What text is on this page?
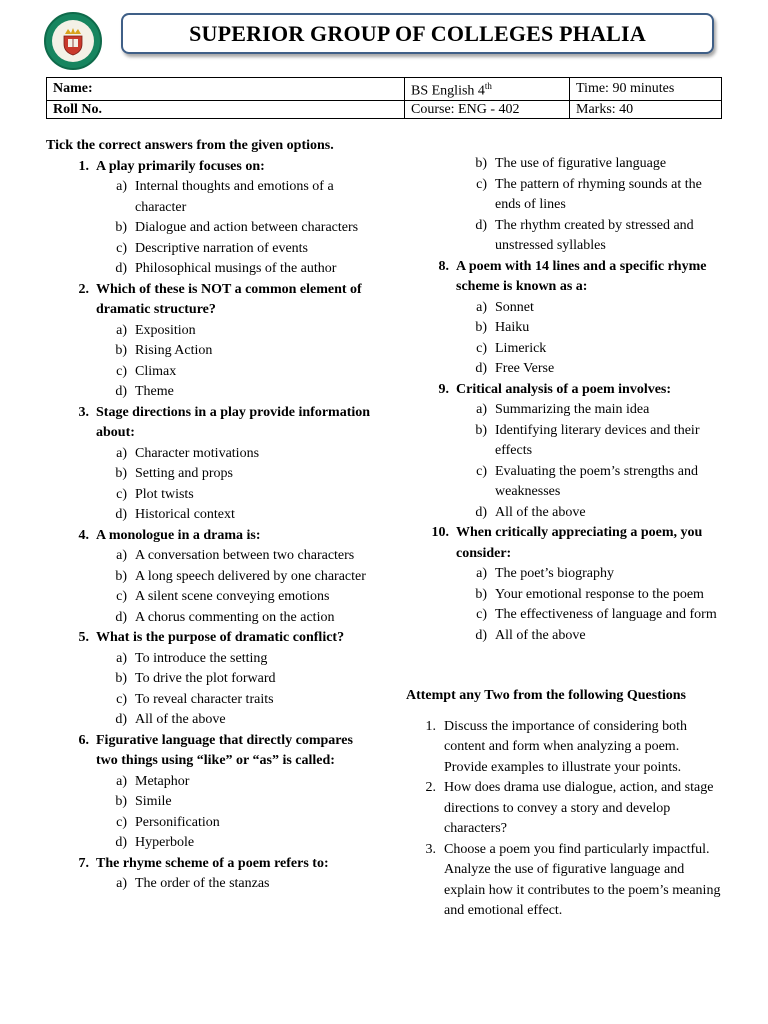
SUPERIOR GROUP OF COLLEGES PHALIA
Name:	BS English 4th	Time: 90 minutes
Roll No.	Course: ENG - 402	Marks: 40
Tick the correct answers from the given options.
1. A play primarily focuses on:
a) Internal thoughts and emotions of a character
b) Dialogue and action between characters
c) Descriptive narration of events
d) Philosophical musings of the author
2. Which of these is NOT a common element of dramatic structure?
a) Exposition
b) Rising Action
c) Climax
d) Theme
3. Stage directions in a play provide information about:
a) Character motivations
b) Setting and props
c) Plot twists
d) Historical context
4. A monologue in a drama is:
a) A conversation between two characters
b) A long speech delivered by one character
c) A silent scene conveying emotions
d) A chorus commenting on the action
5. What is the purpose of dramatic conflict?
a) To introduce the setting
b) To drive the plot forward
c) To reveal character traits
d) All of the above
6. Figurative language that directly compares two things using “like” or “as” is called:
a) Metaphor
b) Simile
c) Personification
d) Hyperbole
7. The rhyme scheme of a poem refers to:
a) The order of the stanzas
b) The use of figurative language
c) The pattern of rhyming sounds at the ends of lines
d) The rhythm created by stressed and unstressed syllables
8. A poem with 14 lines and a specific rhyme scheme is known as a:
a) Sonnet
b) Haiku
c) Limerick
d) Free Verse
9. Critical analysis of a poem involves:
a) Summarizing the main idea
b) Identifying literary devices and their effects
c) Evaluating the poem’s strengths and weaknesses
d) All of the above
10. When critically appreciating a poem, you consider:
a) The poet’s biography
b) Your emotional response to the poem
c) The effectiveness of language and form
d) All of the above
Attempt any Two from the following Questions
1. Discuss the importance of considering both content and form when analyzing a poem. Provide examples to illustrate your points.
2. How does drama use dialogue, action, and stage directions to convey a story and develop characters?
3. Choose a poem you find particularly impactful. Analyze the use of figurative language and explain how it contributes to the poem’s meaning and emotional effect.
